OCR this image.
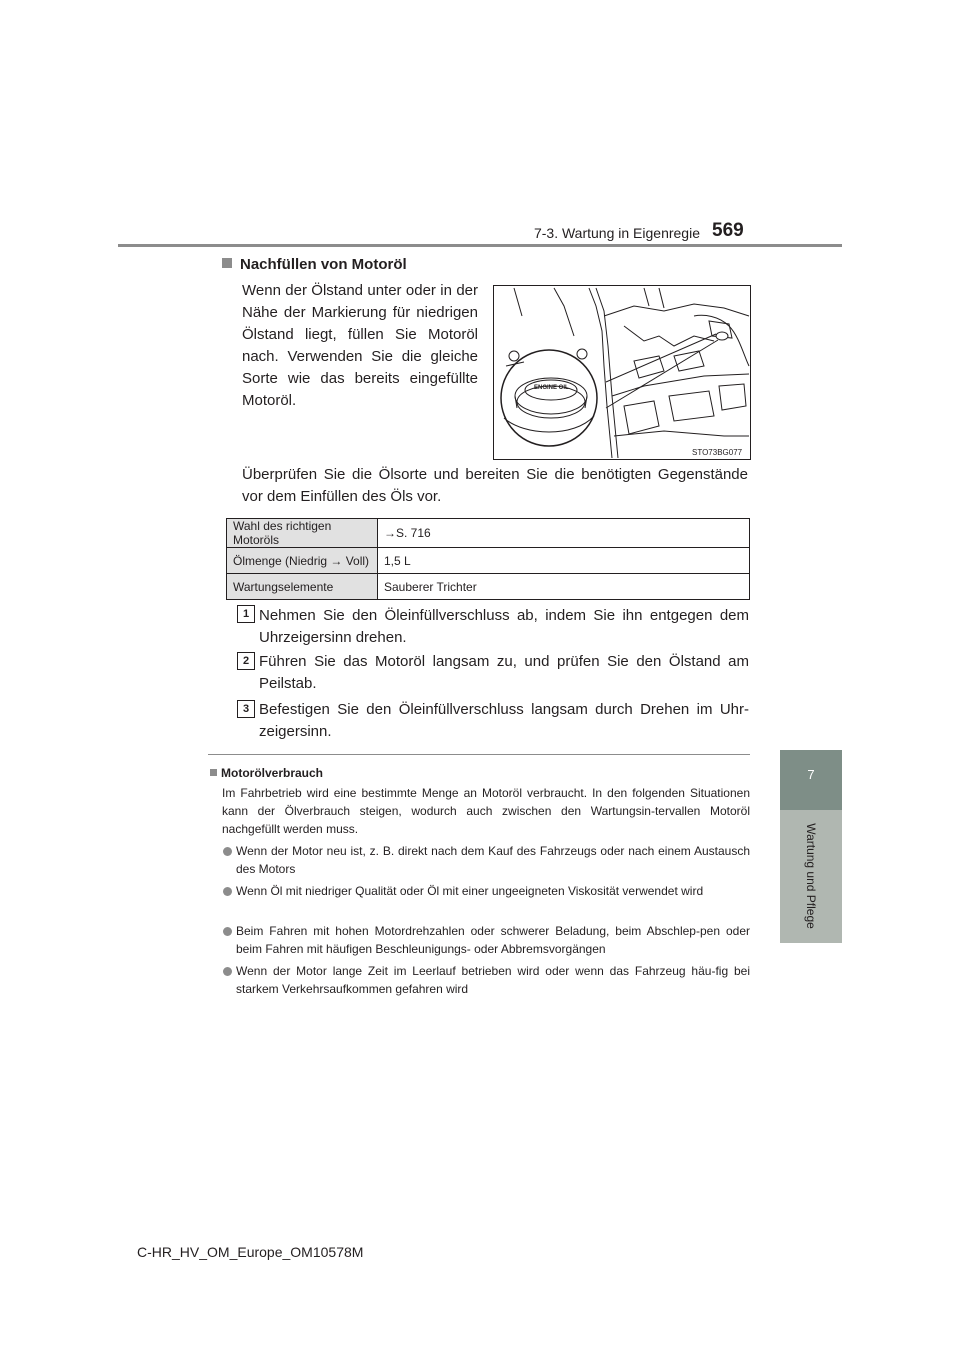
7-3. Wartung in Eigenregie 569
7
Wartung und Pflege
Nachfüllen von Motoröl
Wenn der Ölstand unter oder in der Nähe der Markierung für niedrigen Ölstand liegt, füllen Sie Motoröl nach. Verwenden Sie die gleiche Sorte wie das bereits eingefüllte Motoröl.
ENGINE OIL
STO73BG077
Überprüfen Sie die Ölsorte und bereiten Sie die benötigten Gegenstände vor dem Einfüllen des Öls vor.
Wahl des richtigen Motoröls	→S. 716
Ölmenge (Niedrig → Voll)	1,5 L
Wartungselemente	Sauberer Trichter
1 Nehmen Sie den Öleinfüllverschluss ab, indem Sie ihn entgegen dem Uhrzeigersinn drehen.
2 Führen Sie das Motoröl langsam zu, und prüfen Sie den Ölstand am Peilstab.
3 Befestigen Sie den Öleinfüllverschluss langsam durch Drehen im Uhr-zeigersinn.
Motorölverbrauch
Im Fahrbetrieb wird eine bestimmte Menge an Motoröl verbraucht. In den folgenden Situationen kann der Ölverbrauch steigen, wodurch auch zwischen den Wartungsin-tervallen Motoröl nachgefüllt werden muss.
Wenn der Motor neu ist, z. B. direkt nach dem Kauf des Fahrzeugs oder nach einem Austausch des Motors
Wenn Öl mit niedriger Qualität oder Öl mit einer ungeeigneten Viskosität verwendet wird
Beim Fahren mit hohen Motordrehzahlen oder schwerer Beladung, beim Abschlep-pen oder beim Fahren mit häufigen Beschleunigungs- oder Abbremsvorgängen
Wenn der Motor lange Zeit im Leerlauf betrieben wird oder wenn das Fahrzeug häu-fig bei starkem Verkehrsaufkommen gefahren wird
C-HR_HV_OM_Europe_OM10578M
